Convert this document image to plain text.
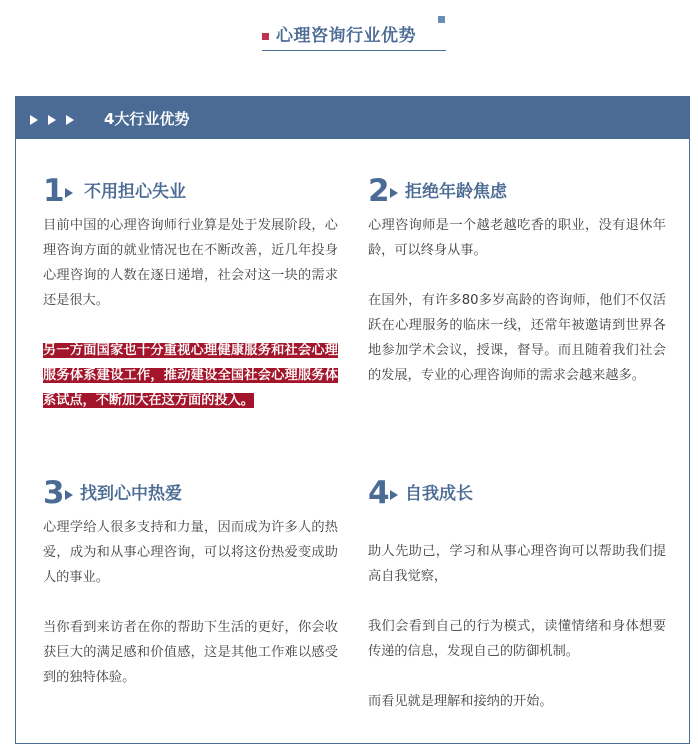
心理咨询行业优势
4大行业优势
1 不用担心失业

目前中国的心理咨询师行业算是处于发展阶段，心理咨询方面的就业情况也在不断改善，近几年投身心理咨询的人数在逐日递增，社会对这一块的需求还是很大。

另一方面国家也十分重视心理健康服务和社会心理服务体系建设工作，推动建设全国社会心理服务体系试点，不断加大在这方面的投入。

2 拒绝年龄焦虑

心理咨询师是一个越老越吃香的职业，没有退休年龄，可以终身从事。

在国外，有许多80多岁高龄的咨询师，他们不仅活跃在心理服务的临床一线，还常年被邀请到世界各地参加学术会议，授课，督导。而且随着我们社会的发展，专业的心理咨询师的需求会越来越多。

3 找到心中热爱

心理学给人很多支持和力量，因而成为许多人的热爱，成为和从事心理咨询，可以将这份热爱变成助人的事业。

当你看到来访者在你的帮助下生活的更好，你会收获巨大的满足感和价值感，这是其他工作难以感受到的独特体验。

4 自我成长

助人先助己，学习和从事心理咨询可以帮助我们提高自我觉察，

我们会看到自己的行为模式，读懂情绪和身体想要传递的信息，发现自己的防御机制。

而看见就是理解和接纳的开始。
